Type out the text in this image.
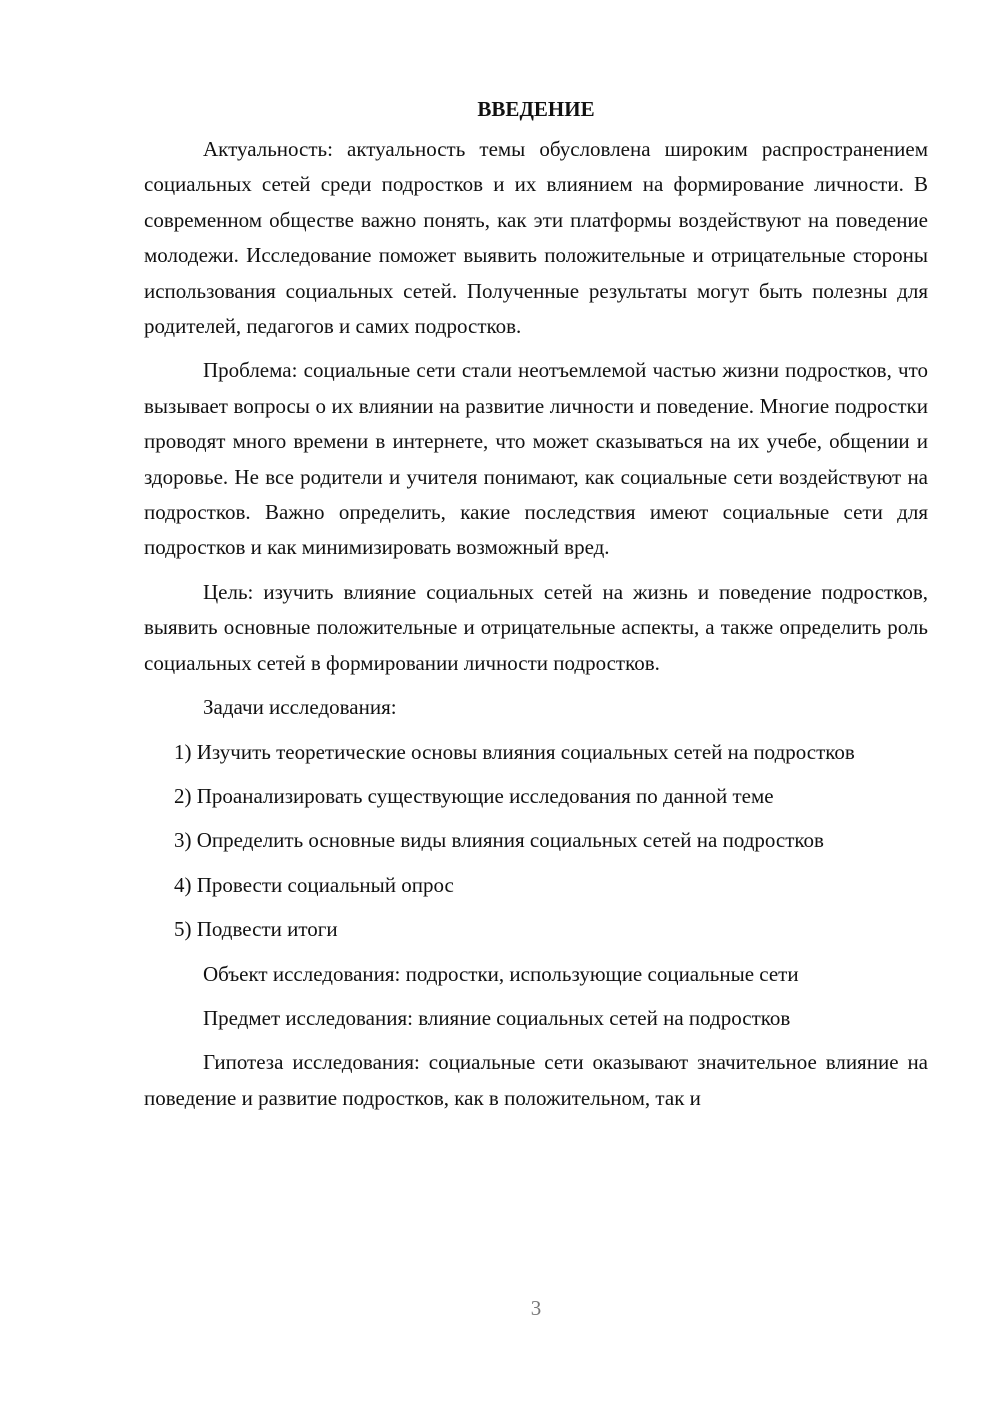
ВВЕДЕНИЕ

Актуальность: актуальность темы обусловлена широким распространением социальных сетей среди подростков и их влиянием на формирование личности. В современном обществе важно понять, как эти платформы воздействуют на поведение молодежи. Исследование поможет выявить положительные и отрицательные стороны использования социальных сетей. Полученные результаты могут быть полезны для родителей, педагогов и самих подростков.

Проблема: социальные сети стали неотъемлемой частью жизни подростков, что вызывает вопросы о их влиянии на развитие личности и поведение. Многие подростки проводят много времени в интернете, что может сказываться на их учебе, общении и здоровье. Не все родители и учителя понимают, как социальные сети воздействуют на подростков. Важно определить, какие последствия имеют социальные сети для подростков и как минимизировать возможный вред.

Цель: изучить влияние социальных сетей на жизнь и поведение подростков, выявить основные положительные и отрицательные аспекты, а также определить роль социальных сетей в формировании личности подростков.

Задачи исследования:

1) Изучить теоретические основы влияния социальных сетей на подростков

2) Проанализировать существующие исследования по данной теме

3) Определить основные виды влияния социальных сетей на подростков

4) Провести социальный опрос

5) Подвести итоги

Объект исследования: подростки, использующие социальные сети

Предмет исследования: влияние социальных сетей на подростков

Гипотеза исследования: социальные сети оказывают значительное влияние на поведение и развитие подростков, как в положительном, так и

3
